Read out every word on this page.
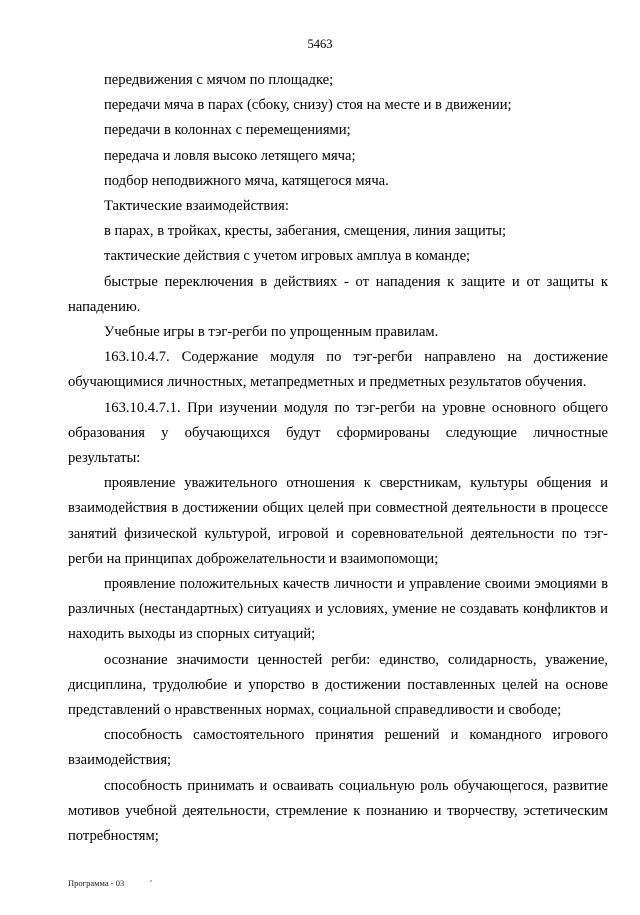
5463

передвижения с мячом по площадке;

передачи мяча в парах (сбоку, снизу) стоя на месте и в движении;

передачи в колоннах с перемещениями;

передача и ловля высоко летящего мяча;

подбор неподвижного мяча, катящегося мяча.

Тактические взаимодействия:

в парах, в тройках, кресты, забегания, смещения, линия защиты;

тактические действия с учетом игровых амплуа в команде;

быстрые переключения в действиях - от нападения к защите и от защиты к нападению.

Учебные игры в тэг-регби по упрощенным правилам.

163.10.4.7. Содержание модуля по тэг-регби направлено на достижение обучающимися личностных, метапредметных и предметных результатов обучения.

163.10.4.7.1. При изучении модуля по тэг-регби на уровне основного общего образования у обучающихся будут сформированы следующие личностные результаты:

проявление уважительного отношения к сверстникам, культуры общения и взаимодействия в достижении общих целей при совместной деятельности в процессе занятий физической культурой, игровой и соревновательной деятельности по тэг-регби на принципах доброжелательности и взаимопомощи;

проявление положительных качеств личности и управление своими эмоциями в различных (нестандартных) ситуациях и условиях, умение не создавать конфликтов и находить выходы из спорных ситуаций;

осознание значимости ценностей регби: единство, солидарность, уважение, дисциплина, трудолюбие и упорство в достижении поставленных целей на основе представлений о нравственных нормах, социальной справедливости и свободе;

способность самостоятельного принятия решений и командного игрового взаимодействия;

способность принимать и осваивать социальную роль обучающегося, развитие мотивов учебной деятельности, стремление к познанию и творчеству, эстетическим потребностям;

Программа - 03
